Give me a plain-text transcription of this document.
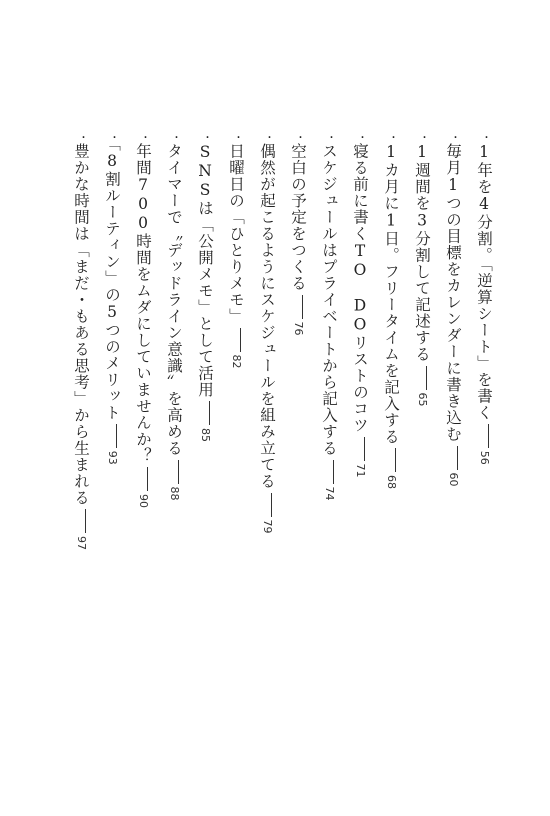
・1年を4分割。「逆算シート」を書く56
・毎月1つの目標をカレンダーに書き込む60
・1週間を3分割して記述する65
・1カ月に1日。フリータイムを記入する68
・寝る前に書くTO　DOリストのコツ71
・スケジュールはプライベートから記入する74
・空白の予定をつくる76
・偶然が起こるようにスケジュールを組み立てる79
・日曜日の「ひとりメモ」82
・SNSは「公開メモ」として活用85
・タイマーで〝デッドライン意識〟を高める88
・年間700時間をムダにしていませんか？90
・「8割ルーティン」の5つのメリット93
・豊かな時間は「まだ・もある思考」から生まれる97
